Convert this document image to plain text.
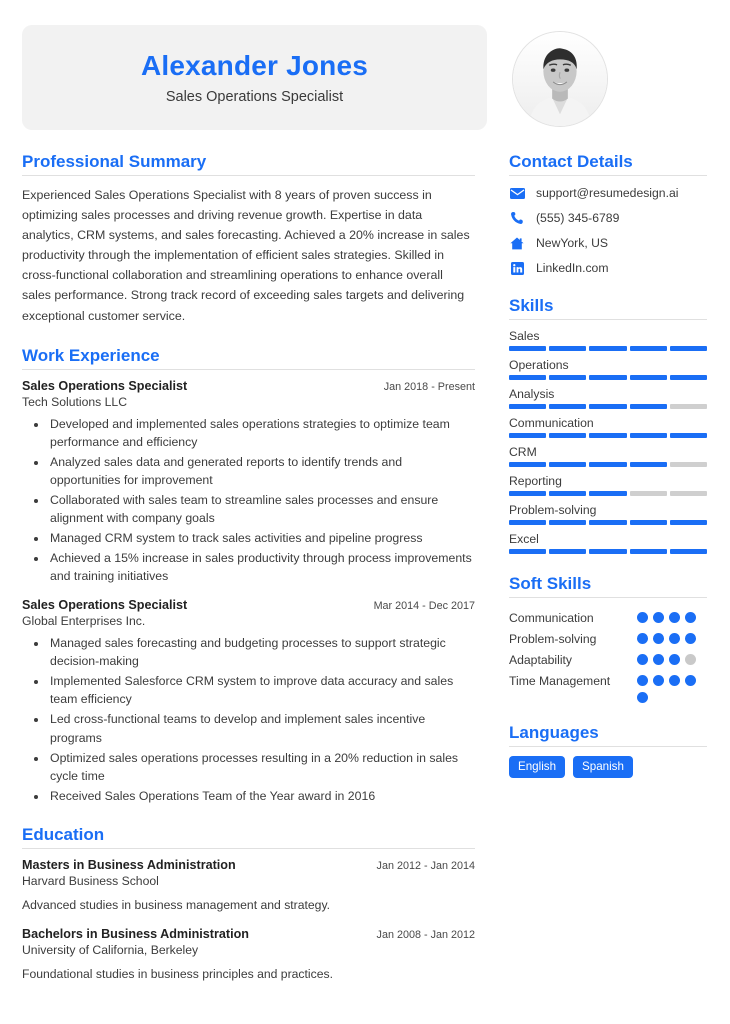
Alexander Jones
Sales Operations Specialist
Professional Summary
Experienced Sales Operations Specialist with 8 years of proven success in optimizing sales processes and driving revenue growth. Expertise in data analytics, CRM systems, and sales forecasting. Achieved a 20% increase in sales productivity through the implementation of efficient sales strategies. Skilled in cross-functional collaboration and streamlining operations to enhance overall sales performance. Strong track record of exceeding sales targets and delivering exceptional customer service.
Work Experience
Sales Operations Specialist	Jan 2018 - Present
Tech Solutions LLC
• Developed and implemented sales operations strategies to optimize team performance and efficiency
• Analyzed sales data and generated reports to identify trends and opportunities for improvement
• Collaborated with sales team to streamline sales processes and ensure alignment with company goals
• Managed CRM system to track sales activities and pipeline progress
• Achieved a 15% increase in sales productivity through process improvements and training initiatives
Sales Operations Specialist	Mar 2014 - Dec 2017
Global Enterprises Inc.
• Managed sales forecasting and budgeting processes to support strategic decision-making
• Implemented Salesforce CRM system to improve data accuracy and sales team efficiency
• Led cross-functional teams to develop and implement sales incentive programs
• Optimized sales operations processes resulting in a 20% reduction in sales cycle time
• Received Sales Operations Team of the Year award in 2016
Education
Masters in Business Administration	Jan 2012 - Jan 2014
Harvard Business School
Advanced studies in business management and strategy.
Bachelors in Business Administration	Jan 2008 - Jan 2012
University of California, Berkeley
Foundational studies in business principles and practices.
Contact Details
support@resumedesign.ai
(555) 345-6789
NewYork, US
LinkedIn.com
Skills
Sales
Operations
Analysis
Communication
CRM
Reporting
Problem-solving
Excel
Soft Skills
Communication
Problem-solving
Adaptability
Time Management
Languages
English	Spanish
